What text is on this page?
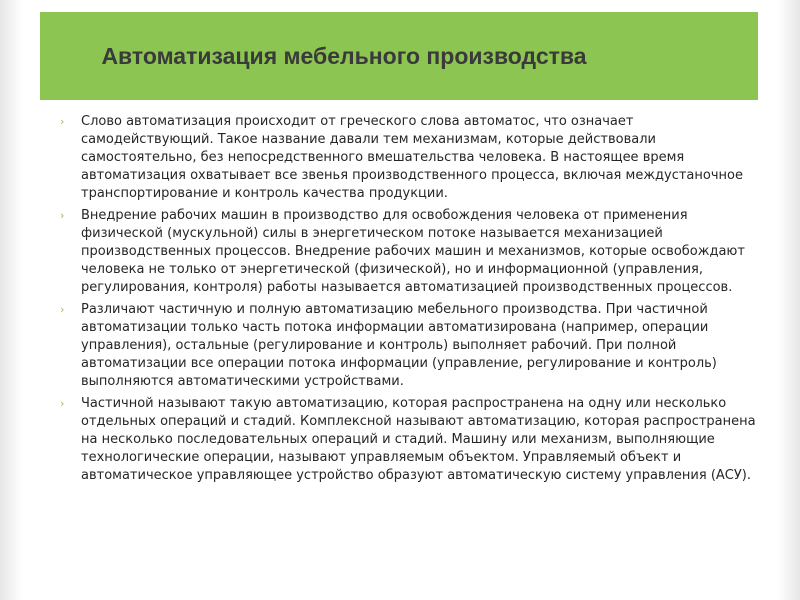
Автоматизация мебельного производства
› Слово автоматизация происходит от греческого слова автоматос, что означает самодействующий. Такое название давали тем механизмам, которые действовали самостоятельно, без непосредственного вмешательства человека. В настоящее время автоматизация охватывает все звенья производственного процесса, включая междустаночное транспортирование и контроль качества продукции.
› Внедрение рабочих машин в производство для освобождения человека от применения физической (мускульной) силы в энергетическом потоке называется механизацией производственных процессов. Внедрение рабочих машин и механизмов, которые освобождают человека не только от энергетической (физической), но и информационной (управления, регулирования, контроля) работы называется автоматизацией производственных процессов.
› Различают частичную и полную автоматизацию мебельного производства. При частичной автоматизации только часть потока информации автоматизирована (например, операции управления), остальные (регулирование и контроль) выполняет рабочий. При полной автоматизации все операции потока информации (управление, регулирование и контроль) выполняются автоматическими устройствами.
› Частичной называют такую автоматизацию, которая распространена на одну или несколько отдельных операций и стадий. Комплексной называют автоматизацию, которая распространена на несколько последовательных операций и стадий. Машину или механизм, выполняющие технологические операции, называют управляемым объектом. Управляемый объект и автоматическое управляющее устройство образуют автоматическую систему управления (АСУ).
